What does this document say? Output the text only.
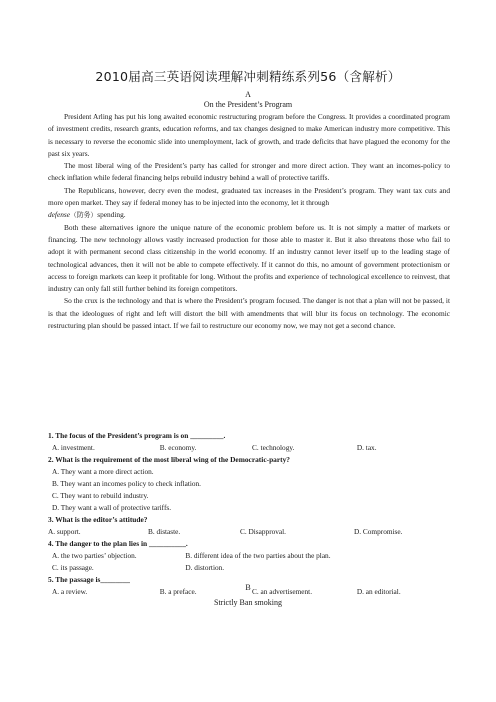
2010届高三英语阅读理解冲刺精练系列56（含解析）
A
On the President’s Program

President Arling has put his long awaited economic restructuring program before the Congress. It provides a coordinated program of investment credits, research grants, education reforms, and tax changes designed to make American industry more competitive. This is necessary to reverse the economic slide into unemployment, lack of growth, and trade deficits that have plagued the economy for the past six years.

The most liberal wing of the President’s party has called for stronger and more direct action. They want an incomes-policy to check inflation while federal financing helps rebuild industry behind a wall of protective tariffs.

The Republicans, however, decry even the modest, graduated tax increases in the President’s program. They want tax cuts and more open market. They say if federal money has to be injected into the economy, let it through
defense（防务）spending.

Both these alternatives ignore the unique nature of the economic problem before us. It is not simply a matter of markets or financing. The new technology allows vastly increased production for those able to master it. But it also threatens those who fail to adopt it with permanent second class citizenship in the world economy. If an industry cannot lever itself up to the leading stage of technological advances, then it will not be able to compete effectively. If it cannot do this, no amount of government protectionism or access to foreign markets can keep it profitable for long. Without the profits and experience of technological excellence to reinvest, that industry can only fall still further behind its foreign competitors.

So the crux is the technology and that is where the President’s program focused. The danger is not that a plan will not be passed, it is that the ideologues of right and left will distort the bill with amendments that will blur its focus on technology. The economic restructuring plan should be passed intact. If we fail to restructure our economy now, we may not get a second chance.

1. The focus of the President’s program is on _________.
A. investment.	B. economy.	C. technology.	D. tax.
2. What is the requirement of the most liberal wing of the Democratic-party?
A. They want a more direct action.
B. They want an incomes policy to check inflation.
C. They want to rebuild industry.
D. They want a wall of protective tariffs.
3. What is the editor’s attitude?
A. support.	B. distaste.	C. Disapproval.	D. Compromise.
4. The danger to the plan lies in __________.
A. the two parties’ objection.	B. different idea of the two parties about the plan.
C. its passage.	D. distortion.
5. The passage is________
A. a review.	B. a preface.	C. an advertisement.	D. an editorial.
B
Strictly Ban smoking
